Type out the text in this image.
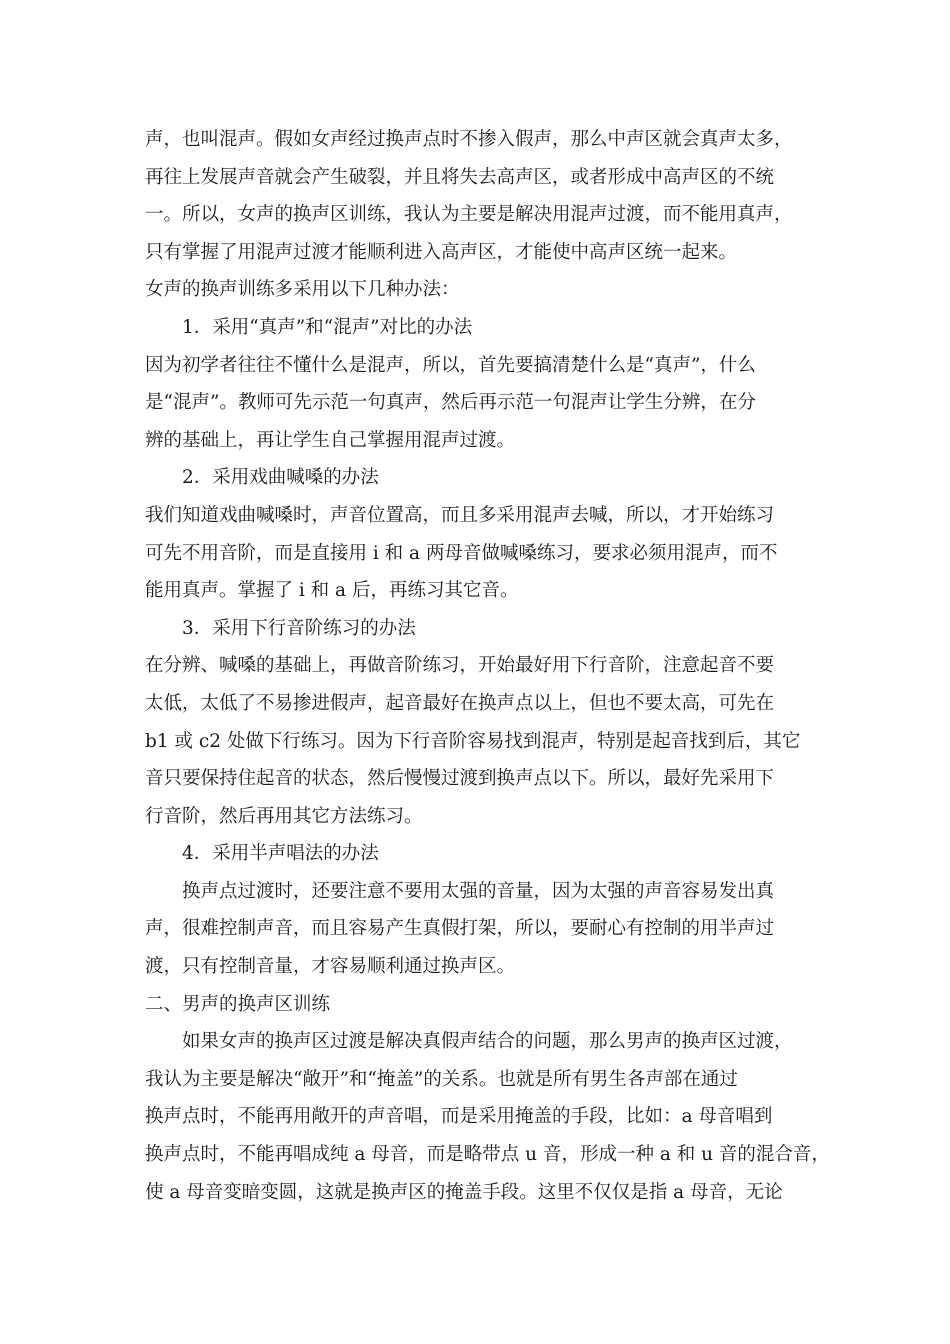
声，也叫混声。假如女声经过换声点时不掺入假声，那么中声区就会真声太多，
再往上发展声音就会产生破裂，并且将失去高声区，或者形成中高声区的不统
一。所以，女声的换声区训练，我认为主要是解决用混声过渡，而不能用真声，
只有掌握了用混声过渡才能顺利进入高声区，才能使中高声区统一起来。
女声的换声训练多采用以下几种办法：
1．采用“真声”和“混声”对比的办法
因为初学者往往不懂什么是混声，所以，首先要搞清楚什么是“真声”，什么
是“混声”。教师可先示范一句真声，然后再示范一句混声让学生分辨，在分
辨的基础上，再让学生自己掌握用混声过渡。
2．采用戏曲喊嗓的办法
我们知道戏曲喊嗓时，声音位置高，而且多采用混声去喊，所以，才开始练习
可先不用音阶，而是直接用 i 和 a 两母音做喊嗓练习，要求必须用混声，而不
能用真声。掌握了 i 和 a 后，再练习其它音。
3．采用下行音阶练习的办法
在分辨、喊嗓的基础上，再做音阶练习，开始最好用下行音阶，注意起音不要
太低，太低了不易掺进假声，起音最好在换声点以上，但也不要太高，可先在
b1 或 c2 处做下行练习。因为下行音阶容易找到混声，特别是起音找到后，其它
音只要保持住起音的状态，然后慢慢过渡到换声点以下。所以，最好先采用下
行音阶，然后再用其它方法练习。
4．采用半声唱法的办法
换声点过渡时，还要注意不要用太强的音量，因为太强的声音容易发出真
声，很难控制声音，而且容易产生真假打架，所以，要耐心有控制的用半声过
渡，只有控制音量，才容易顺利通过换声区。
二、男声的换声区训练
如果女声的换声区过渡是解决真假声结合的问题，那么男声的换声区过渡，
我认为主要是解决“敞开”和“掩盖”的关系。也就是所有男生各声部在通过
换声点时，不能再用敞开的声音唱，而是采用掩盖的手段，比如：a 母音唱到
换声点时，不能再唱成纯 a 母音，而是略带点 u 音，形成一种 a 和 u 音的混合音，
使 a 母音变暗变圆，这就是换声区的掩盖手段。这里不仅仅是指 a 母音，无论
